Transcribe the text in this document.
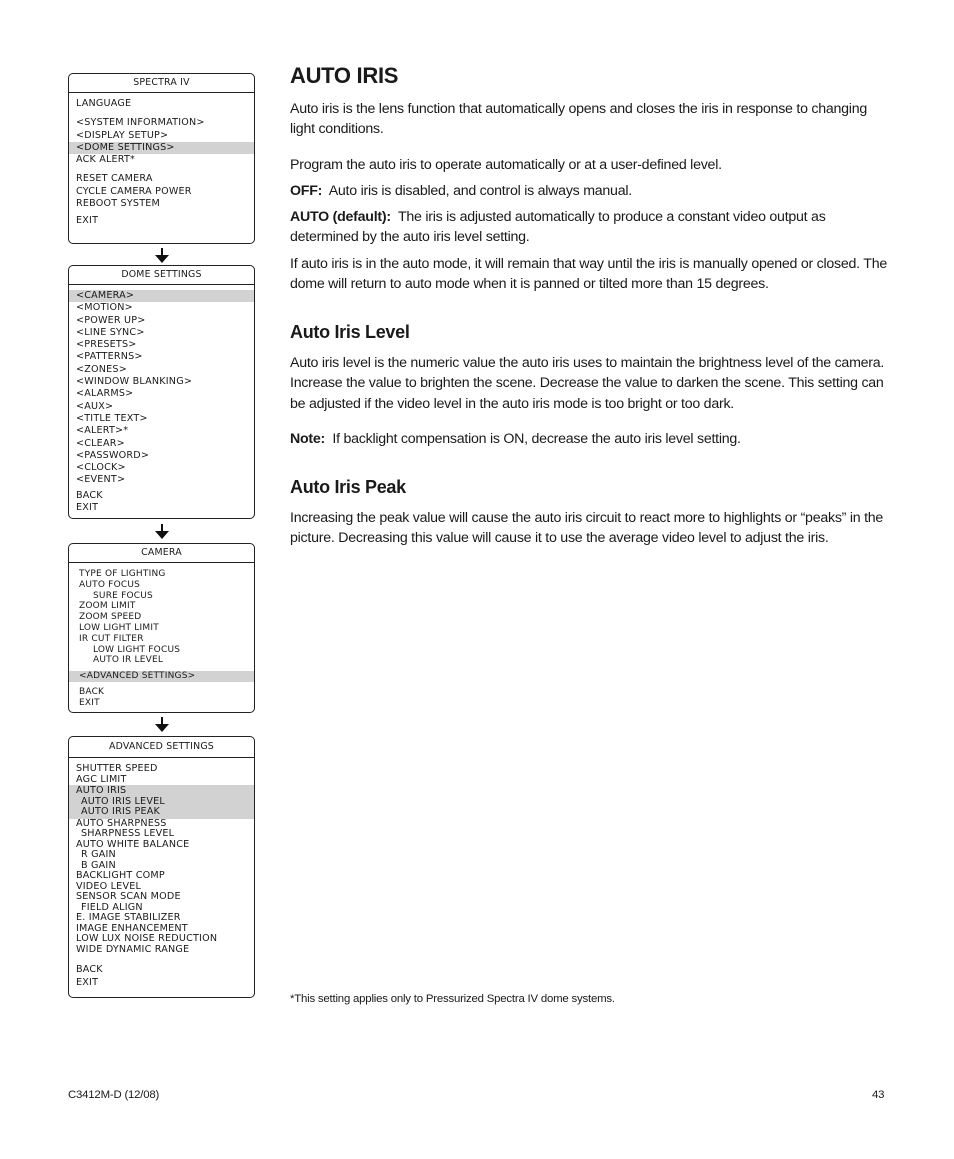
SPECTRA IV
LANGUAGE
<SYSTEM INFORMATION>
<DISPLAY SETUP>
<DOME SETTINGS>
ACK ALERT*
RESET CAMERA
CYCLE CAMERA POWER
REBOOT SYSTEM
EXIT
DOME SETTINGS
<CAMERA>
<MOTION>
<POWER UP>
<LINE SYNC>
<PRESETS>
<PATTERNS>
<ZONES>
<WINDOW BLANKING>
<ALARMS>
<AUX>
<TITLE TEXT>
<ALERT>*
<CLEAR>
<PASSWORD>
<CLOCK>
<EVENT>
BACK
EXIT
CAMERA
TYPE OF LIGHTING
AUTO FOCUS
SURE FOCUS
ZOOM LIMIT
ZOOM SPEED
LOW LIGHT LIMIT
IR CUT FILTER
LOW LIGHT FOCUS
AUTO IR LEVEL
<ADVANCED SETTINGS>
BACK
EXIT
ADVANCED SETTINGS
SHUTTER SPEED
AGC LIMIT
AUTO IRIS
AUTO IRIS LEVEL
AUTO IRIS PEAK
AUTO SHARPNESS
SHARPNESS LEVEL
AUTO WHITE BALANCE
R GAIN
B GAIN
BACKLIGHT COMP
VIDEO LEVEL
SENSOR SCAN MODE
FIELD ALIGN
E. IMAGE STABILIZER
IMAGE ENHANCEMENT
LOW LUX NOISE REDUCTION
WIDE DYNAMIC RANGE
BACK
EXIT
AUTO IRIS
Auto iris is the lens function that automatically opens and closes the iris in response to changing light conditions.
Program the auto iris to operate automatically or at a user-defined level.
OFF: Auto iris is disabled, and control is always manual.
AUTO (default): The iris is adjusted automatically to produce a constant video output as determined by the auto iris level setting.
If auto iris is in the auto mode, it will remain that way until the iris is manually opened or closed. The dome will return to auto mode when it is panned or tilted more than 15 degrees.
Auto Iris Level
Auto iris level is the numeric value the auto iris uses to maintain the brightness level of the camera. Increase the value to brighten the scene. Decrease the value to darken the scene. This setting can be adjusted if the video level in the auto iris mode is too bright or too dark.
Note: If backlight compensation is ON, decrease the auto iris level setting.
Auto Iris Peak
Increasing the peak value will cause the auto iris circuit to react more to highlights or “peaks” in the picture. Decreasing this value will cause it to use the average video level to adjust the iris.
*This setting applies only to Pressurized Spectra IV dome systems.
C3412M-D (12/08)	43
